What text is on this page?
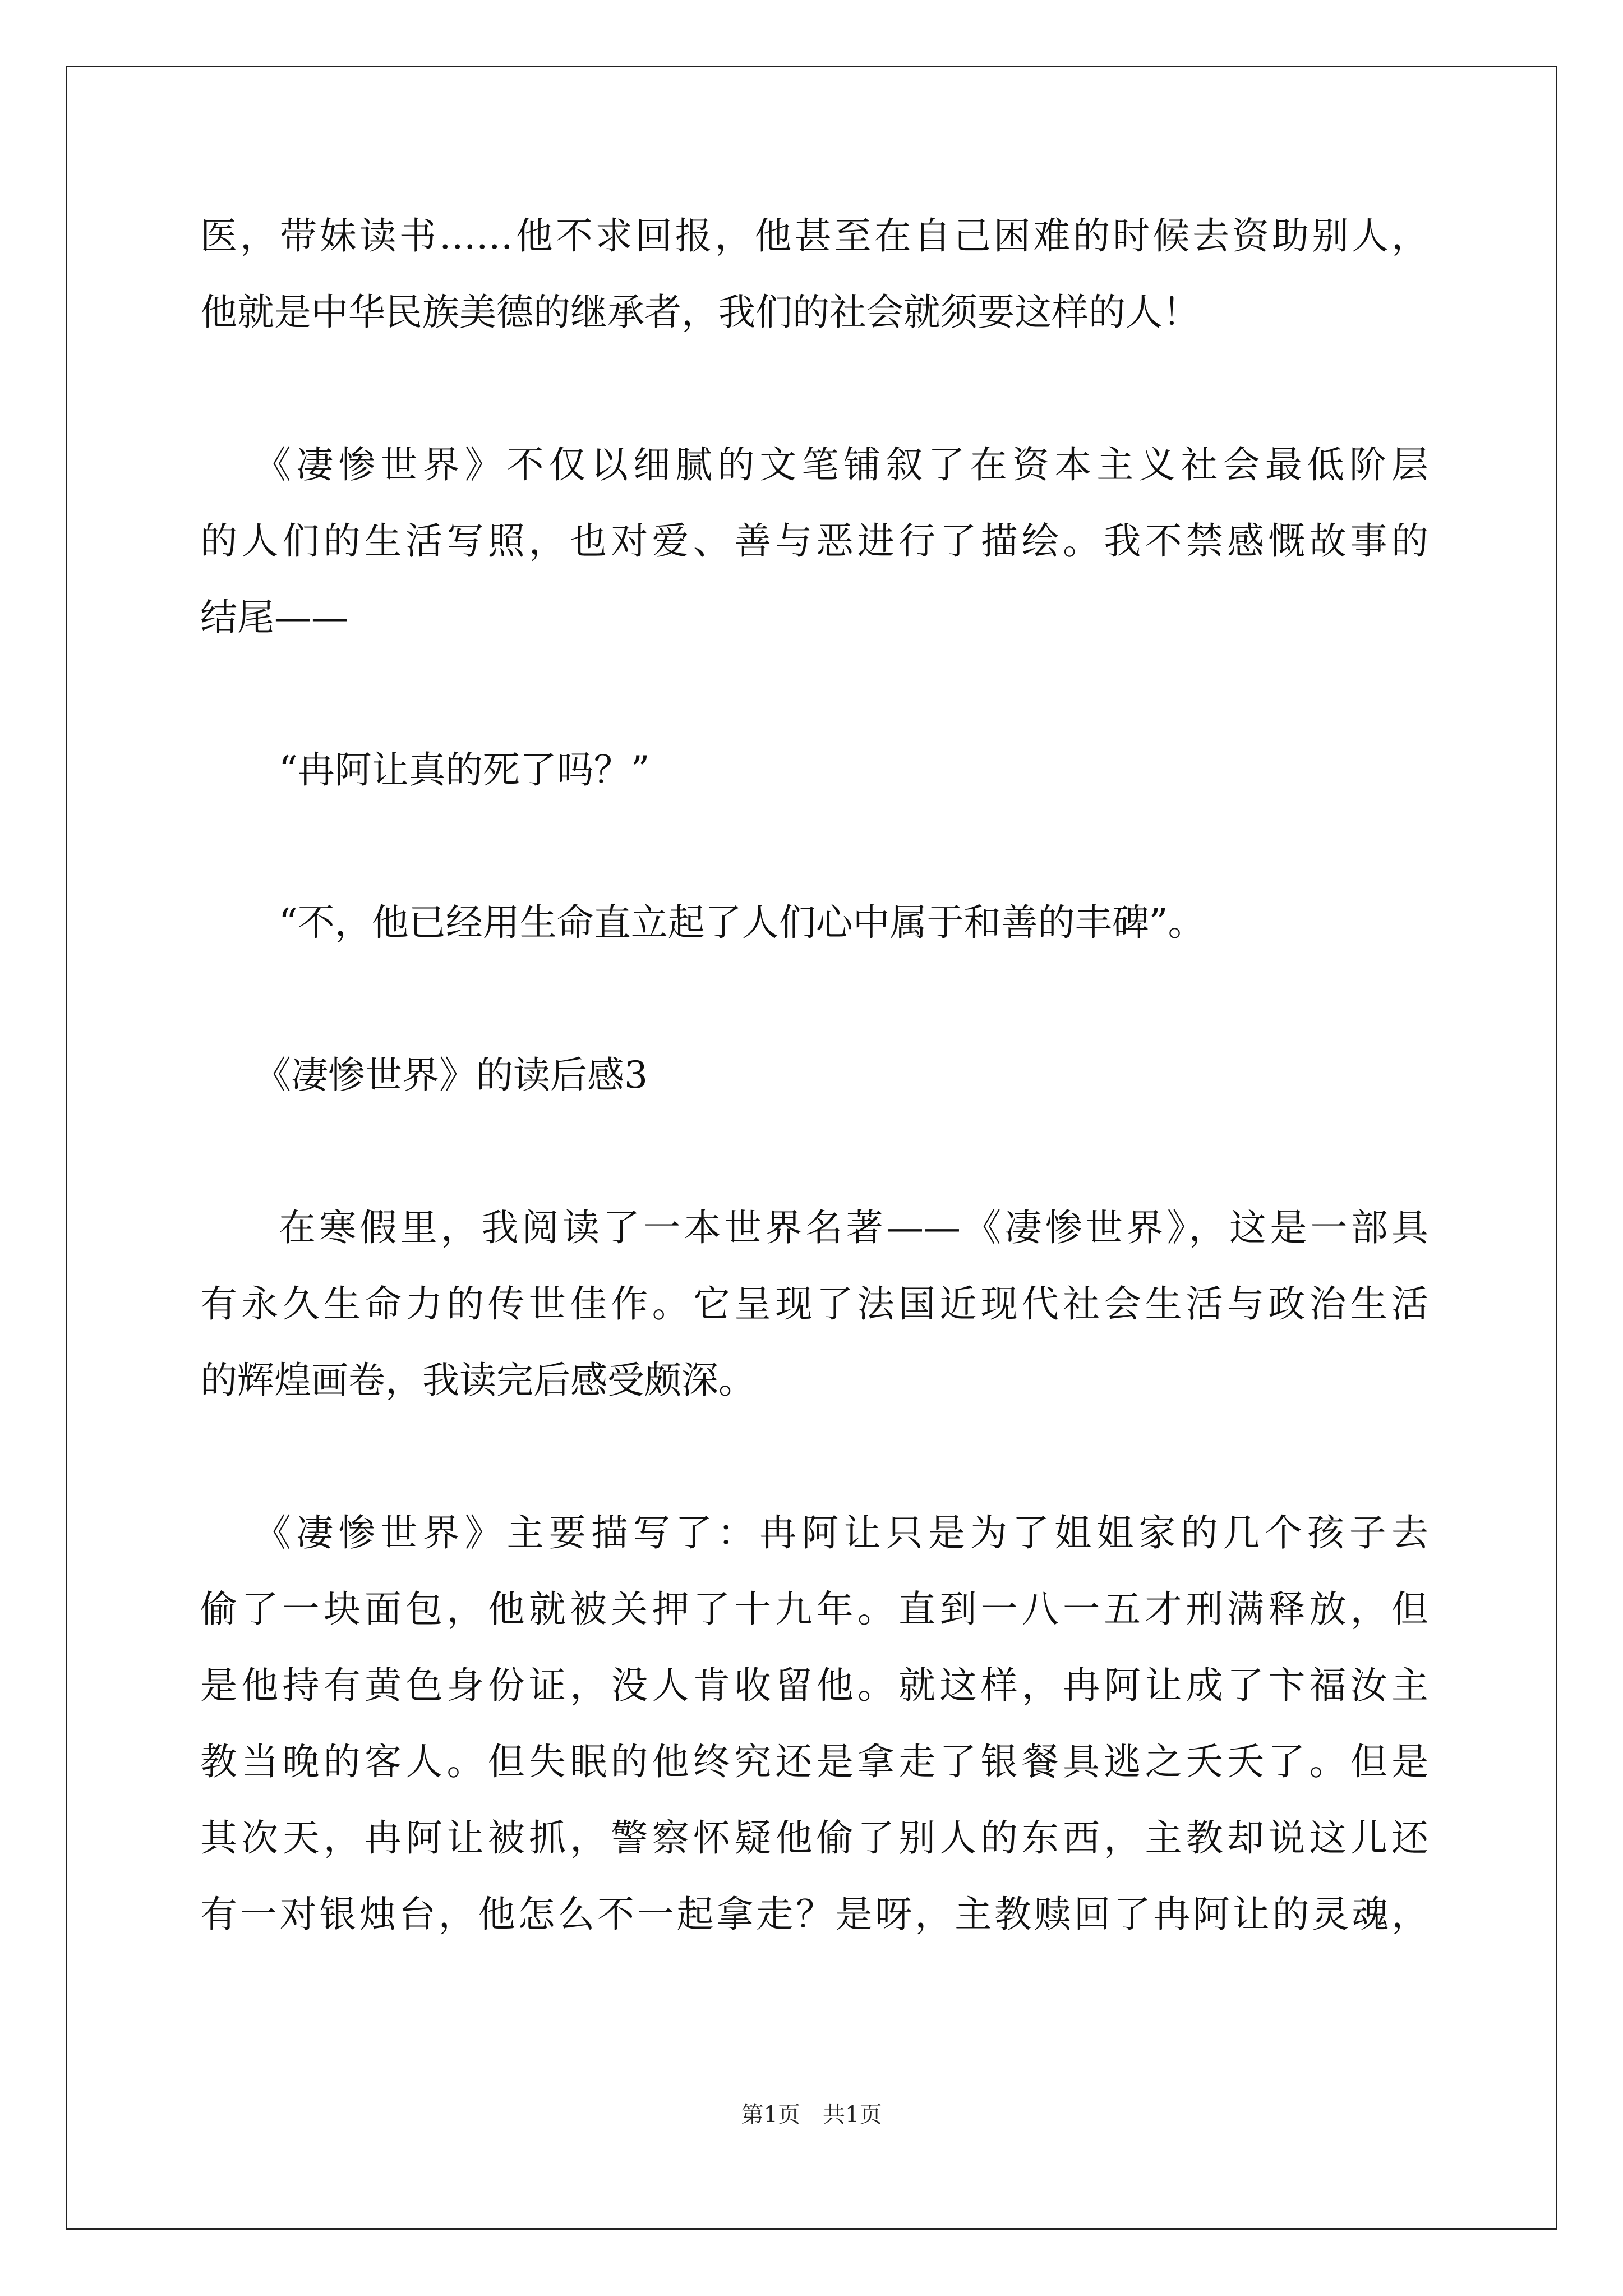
医，带妹读书……他不求回报，他甚至在自己困难的时候去资助别人，
他就是中华民族美德的继承者，我们的社会就须要这样的人！
《凄惨世界》不仅以细腻的文笔铺叙了在资本主义社会最低阶层
的人们的生活写照，也对爱、善与恶进行了描绘。我不禁感慨故事的
结尾——
“冉阿让真的死了吗？”
“不，他已经用生命直立起了人们心中属于和善的丰碑”。
《凄惨世界》的读后感3
在寒假里，我阅读了一本世界名著——《凄惨世界》，这是一部具
有永久生命力的传世佳作。它呈现了法国近现代社会生活与政治生活
的辉煌画卷，我读完后感受颇深。
《凄惨世界》主要描写了：冉阿让只是为了姐姐家的几个孩子去
偷了一块面包，他就被关押了十九年。直到一八一五才刑满释放，但
是他持有黄色身份证，没人肯收留他。就这样，冉阿让成了卞福汝主
教当晚的客人。但失眠的他终究还是拿走了银餐具逃之夭夭了。但是
其次天，冉阿让被抓，警察怀疑他偷了别人的东西，主教却说这儿还
有一对银烛台，他怎么不一起拿走？是呀，主教赎回了冉阿让的灵魂，
第1页　共1页
